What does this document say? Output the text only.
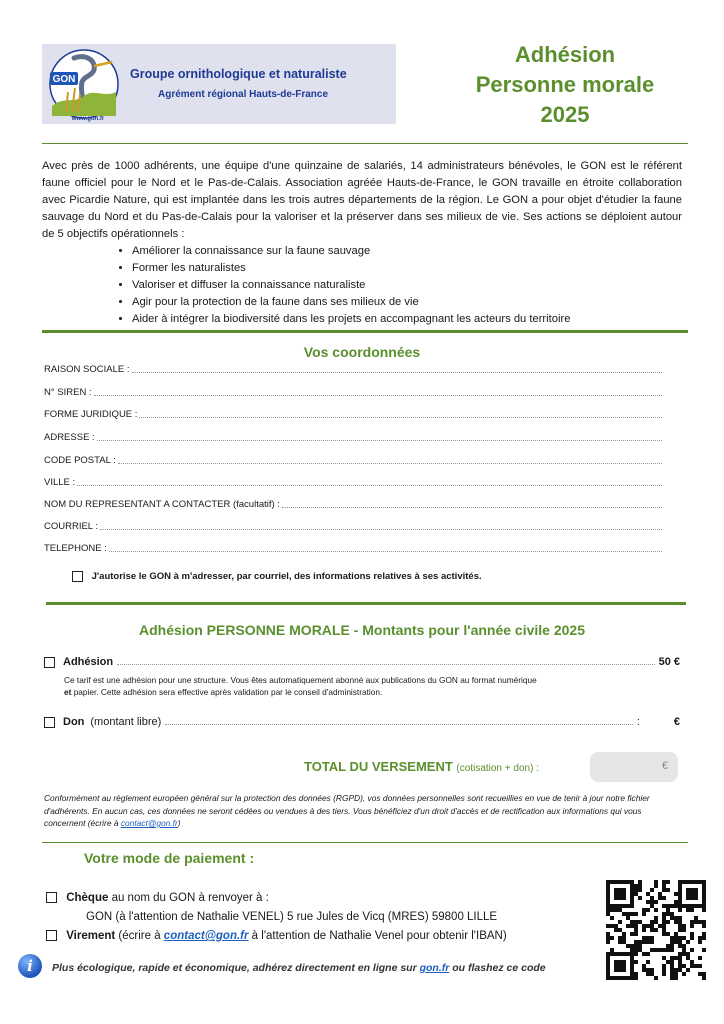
GON
www.gon.fr
Groupe ornithologique et naturaliste
Agrément régional Hauts-de-France
Adhésion
Personne morale
2025
Avec près de 1000 adhérents, une équipe d'une quinzaine de salariés, 14 administrateurs bénévoles, le GON est le référent faune officiel pour le Nord et le Pas-de-Calais. Association agréée Hauts-de-France, le GON travaille en étroite collaboration avec Picardie Nature, qui est implantée dans les trois autres départements de la région. Le GON a pour objet d'étudier la faune sauvage du Nord et du Pas-de-Calais pour la valoriser et la préserver dans ses milieux de vie. Ses actions se déploient autour de 5 objectifs opérationnels :
• Améliorer la connaissance sur la faune sauvage
• Former les naturalistes
• Valoriser et diffuser la connaissance naturaliste
• Agir pour la protection de la faune dans ses milieux de vie
• Aider à intégrer la biodiversité dans les projets en accompagnant les acteurs du territoire
Vos coordonnées
RAISON SOCIALE :
N° SIREN :
FORME JURIDIQUE :
ADRESSE :
CODE POSTAL :
VILLE :
NOM DU REPRESENTANT A CONTACTER (facultatif) :
COURRIEL :
TELEPHONE :
J'autorise le GON à m'adresser, par courriel, des informations relatives à ses activités.
Adhésion PERSONNE MORALE - Montants pour l'année civile 2025
Adhésion	50 €
Ce tarif est une adhésion pour une structure. Vous êtes automatiquement abonné aux publications du GON au format numérique
et papier. Cette adhésion sera effective après validation par le conseil d'administration.
Don (montant libre)	:	€
TOTAL DU VERSEMENT (cotisation + don) :	€
Conformément au règlement européen général sur la protection des données (RGPD), vos données personnelles sont recueillies en vue de tenir à jour notre fichier d'adhérents. En aucun cas, ces données ne seront cédées ou vendues à des tiers. Vous bénéficiez d'un droit d'accès et de rectification aux informations qui vous concernent (écrire à contact@gon.fr)
Votre mode de paiement :
Chèque au nom du GON à renvoyer à :
GON (à l'attention de Nathalie VENEL) 5 rue Jules de Vicq (MRES) 59800 LILLE
Virement (écrire à contact@gon.fr à l'attention de Nathalie Venel pour obtenir l'IBAN)
i	Plus écologique, rapide et économique, adhérez directement en ligne sur gon.fr ou flashez ce code
